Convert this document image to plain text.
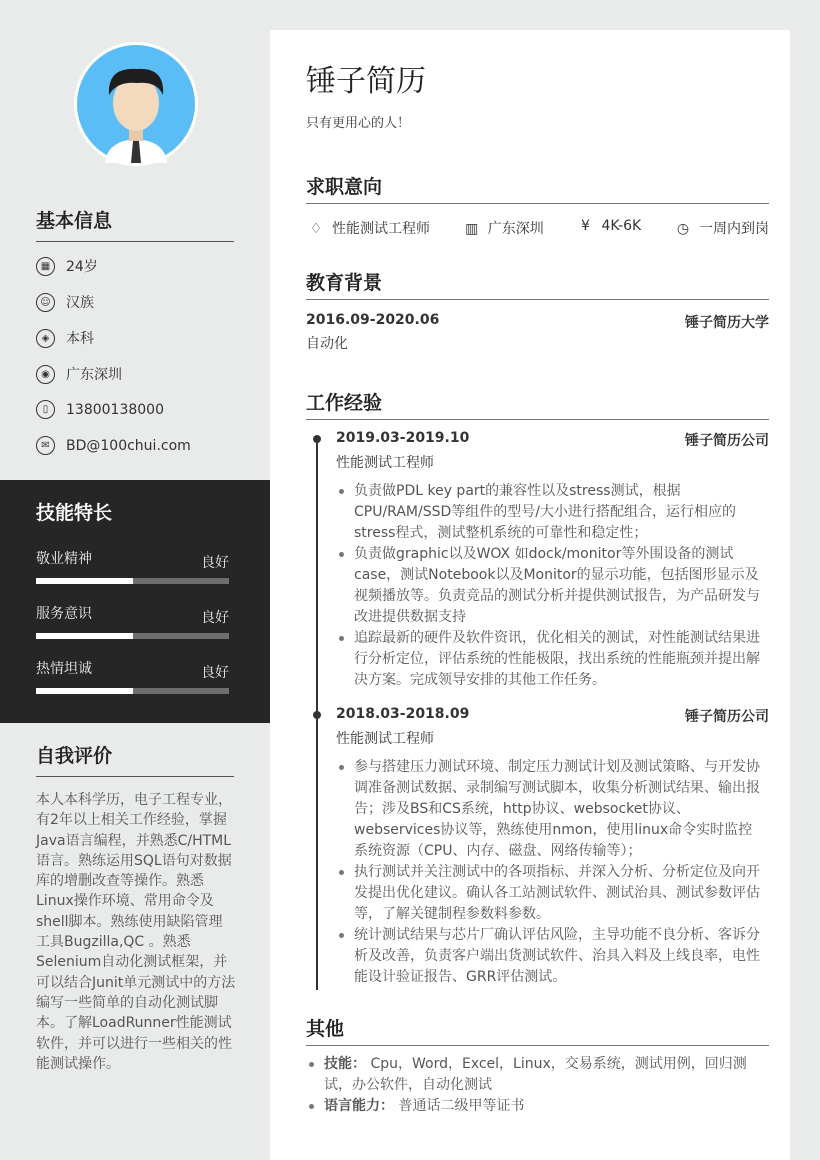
基本信息
▦	24岁
☺	汉族
◈	本科
◉	广东深圳
▯	13800138000
✉	BD@100chui.com
技能特长
敬业精神	良好
服务意识	良好
热情坦诚	良好
自我评价
本人本科学历，电子工程专业，有2年以上相关工作经验，掌握Java语言编程，并熟悉C/HTML语言。熟练运用SQL语句对数据库的增删改查等操作。熟悉Linux操作环境、常用命令及shell脚本。熟练使用缺陷管理工具Bugzilla,QC 。熟悉Selenium自动化测试框架，并可以结合Junit单元测试中的方法编写一些简单的自动化测试脚本。了解LoadRunner性能测试软件，并可以进行一些相关的性能测试操作。
锤子简历
只有更用心的人！
求职意向
♢ 性能测试工程师	▥ 广东深圳	¥ 4K-6K	◷ 一周内到岗
教育背景
2016.09-2020.06	锤子简历大学
自动化
工作经验
2019.03-2019.10	锤子简历公司
性能测试工程师
负责做PDL key part的兼容性以及stress测试，根据CPU/RAM/SSD等组件的型号/大小进行搭配组合，运行相应的stress程式，测试整机系统的可靠性和稳定性；
负责做graphic以及WOX 如dock/monitor等外围设备的测试case，测试Notebook以及Monitor的显示功能，包括图形显示及视频播放等。负责竞品的测试分析并提供测试报告，为产品研发与改进提供数据支持
追踪最新的硬件及软件资讯，优化相关的测试，对性能测试结果进行分析定位，评估系统的性能极限，找出系统的性能瓶颈并提出解决方案。完成领导安排的其他工作任务。
2018.03-2018.09	锤子简历公司
性能测试工程师
参与搭建压力测试环境、制定压力测试计划及测试策略、与开发协调准备测试数据、录制编写测试脚本，收集分析测试结果、输出报告；涉及BS和CS系统，http协议、websocket协议、webservices协议等，熟练使用nmon，使用linux命令实时监控系统资源（CPU、内存、磁盘、网络传输等）；
执行测试并关注测试中的各项指标、并深入分析、分析定位及向开发提出优化建议。确认各工站测试软件、测试治具、测试参数评估等，了解关键制程参数料参数。
统计测试结果与芯片厂确认评估风险，主导功能不良分析、客诉分析及改善，负责客户端出货测试软件、治具入料及上线良率，电性能设计验证报告、GRR评估测试。
其他
技能： Cpu，Word，Excel，Linux，交易系统，测试用例，回归测试，办公软件，自动化测试
语言能力： 普通话二级甲等证书
